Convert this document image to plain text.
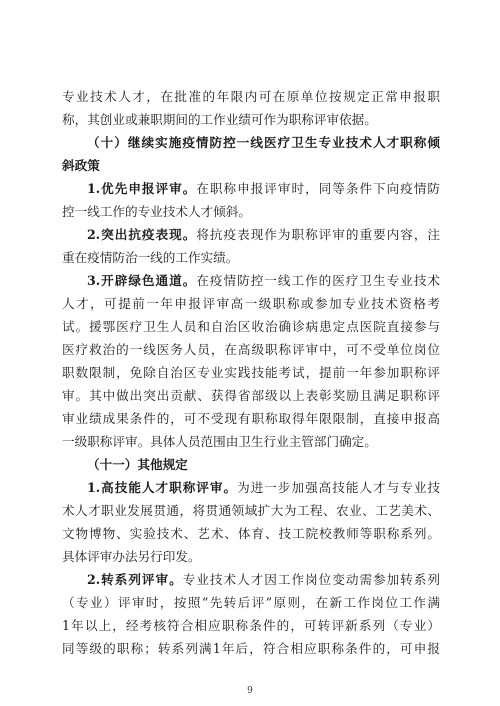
专业技术人才，在批准的年限内可在原单位按规定正常申报职
称，其创业或兼职期间的工作业绩可作为职称评审依据。
（十）继续实施疫情防控一线医疗卫生专业技术人才职称倾
斜政策
1.优先申报评审。在职称申报评审时，同等条件下向疫情防
控一线工作的专业技术人才倾斜。
2.突出抗疫表现。将抗疫表现作为职称评审的重要内容，注
重在疫情防治一线的工作实绩。
3.开辟绿色通道。在疫情防控一线工作的医疗卫生专业技术
人才，可提前一年申报评审高一级职称或参加专业技术资格考
试。援鄂医疗卫生人员和自治区收治确诊病患定点医院直接参与
医疗救治的一线医务人员，在高级职称评审中，可不受单位岗位
职数限制，免除自治区专业实践技能考试，提前一年参加职称评
审。其中做出突出贡献、获得省部级以上表彰奖励且满足职称评
审业绩成果条件的，可不受现有职称取得年限限制，直接申报高
一级职称评审。具体人员范围由卫生行业主管部门确定。
（十一）其他规定
1.高技能人才职称评审。为进一步加强高技能人才与专业技
术人才职业发展贯通，将贯通领域扩大为工程、农业、工艺美术、
文物博物、实验技术、艺术、体育、技工院校教师等职称系列。
具体评审办法另行印发。
2.转系列评审。专业技术人才因工作岗位变动需参加转系列
（专业）评审时，按照“先转后评”原则，在新工作岗位工作满
1年以上，经考核符合相应职称条件的，可转评新系列（专业）
同等级的职称；转系列满1年后，符合相应职称条件的，可申报
9
